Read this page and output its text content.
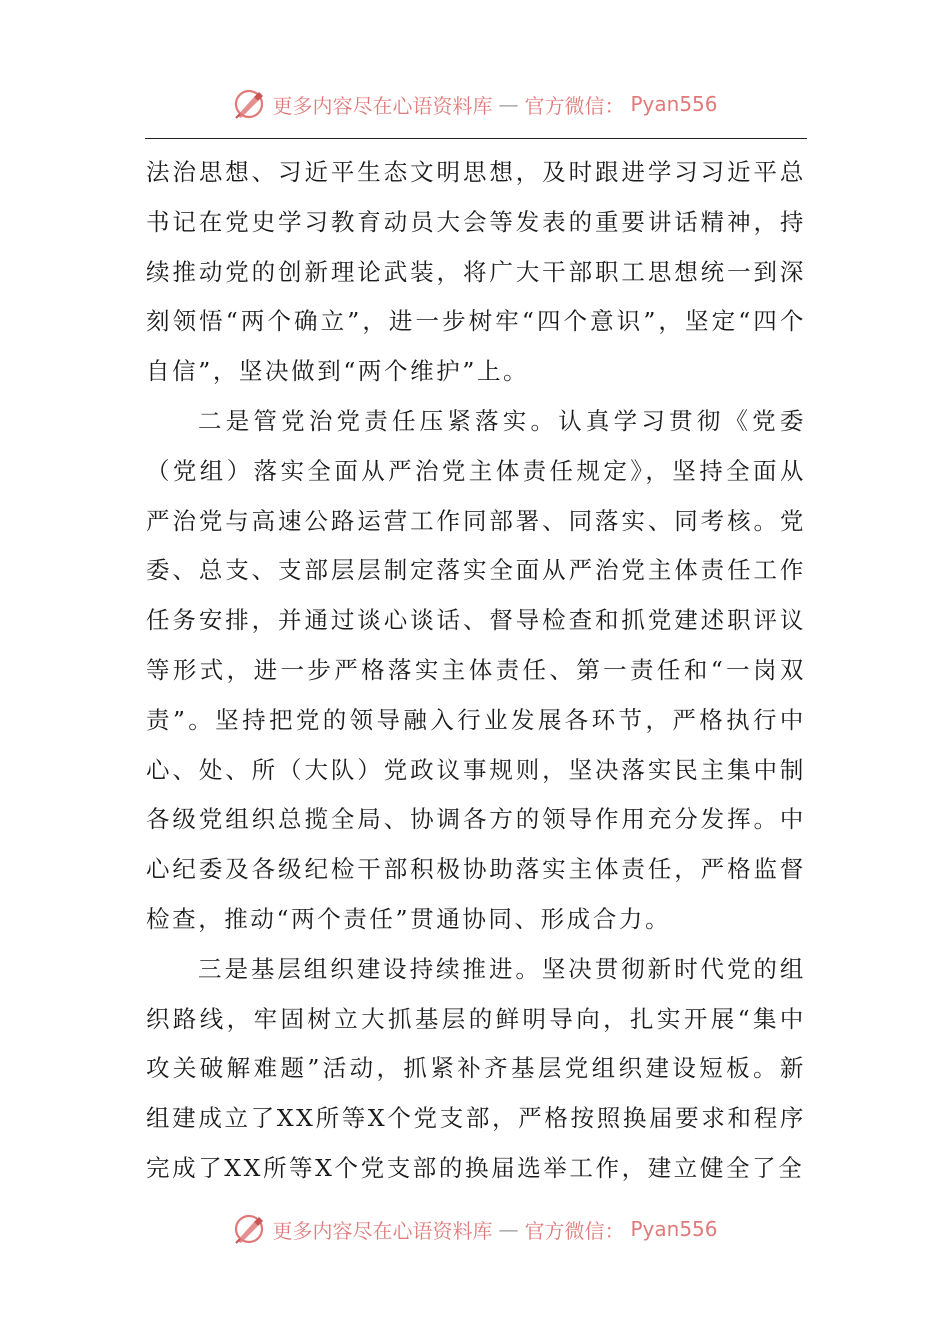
更多内容尽在心语资料库 — 官方微信： Pyan556

法治思想、习近平生态文明思想，及时跟进学习习近平总书记在党史学习教育动员大会等发表的重要讲话精神，持续推动党的创新理论武装，将广大干部职工思想统一到深刻领悟“两个确立”，进一步树牢“四个意识”，坚定“四个自信”，坚决做到“两个维护”上。

二是管党治党责任压紧落实。认真学习贯彻《党委（党组）落实全面从严治党主体责任规定》，坚持全面从严治党与高速公路运营工作同部署、同落实、同考核。党委、总支、支部层层制定落实全面从严治党主体责任工作任务安排，并通过谈心谈话、督导检查和抓党建述职评议等形式，进一步严格落实主体责任、第一责任和“一岗双责”。坚持把党的领导融入行业发展各环节，严格执行中心、处、所（大队）党政议事规则，坚决落实民主集中制各级党组织总揽全局、协调各方的领导作用充分发挥。中心纪委及各级纪检干部积极协助落实主体责任，严格监督检查，推动“两个责任”贯通协同、形成合力。

三是基层组织建设持续推进。坚决贯彻新时代党的组织路线，牢固树立大抓基层的鲜明导向，扎实开展“集中攻关破解难题”活动，抓紧补齐基层党组织建设短板。新组建成立了XX所等X个党支部，严格按照换届要求和程序完成了XX所等X个党支部的换届选举工作，建立健全了全

更多内容尽在心语资料库 — 官方微信： Pyan556
